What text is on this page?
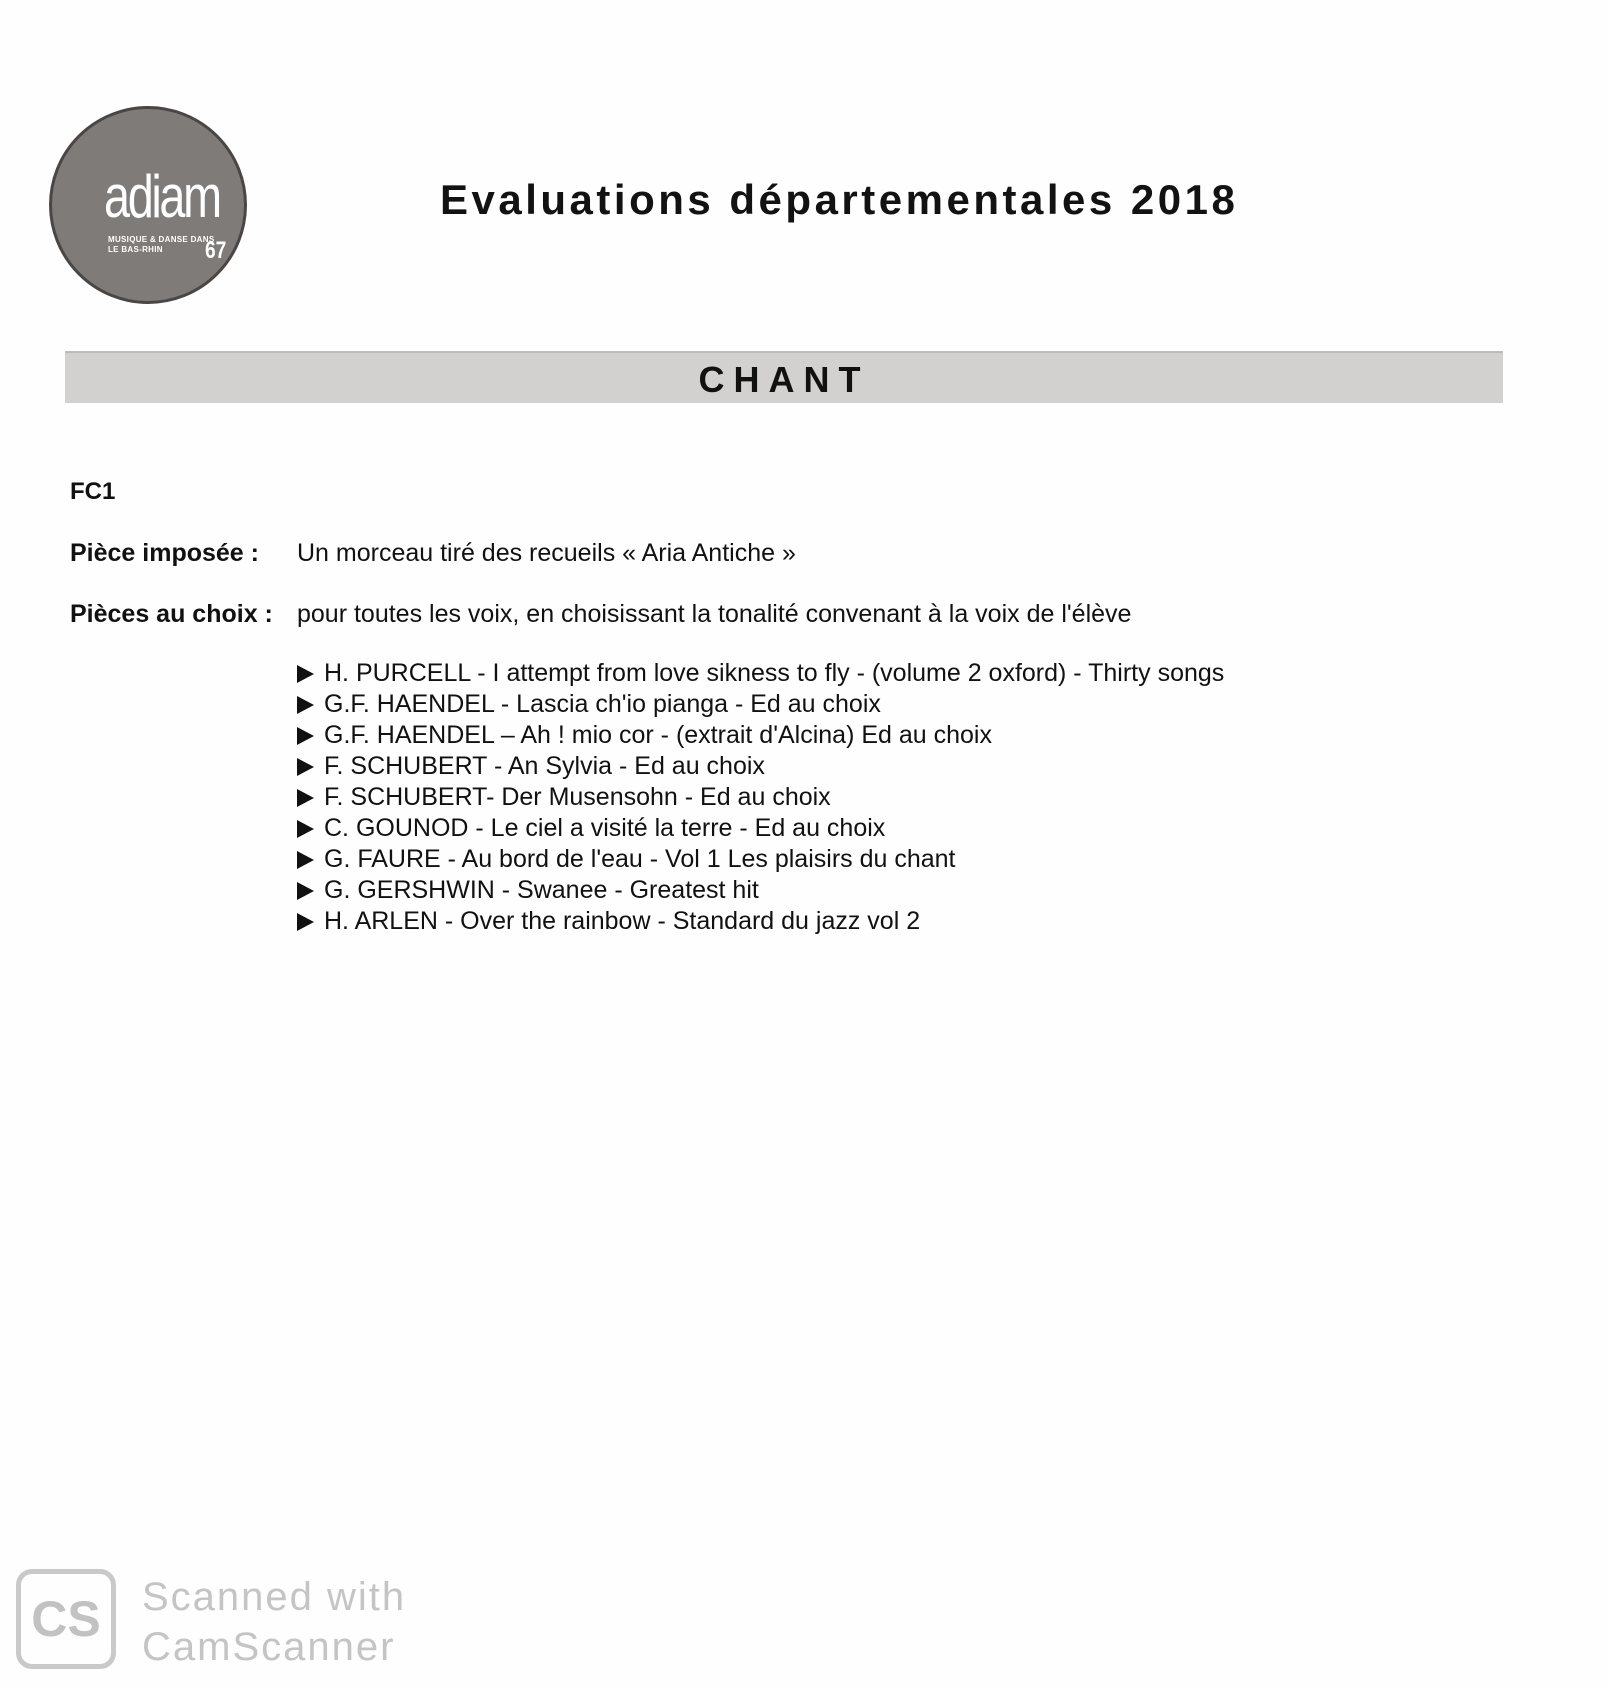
adiam
MUSIQUE & DANSE DANS LE BAS-RHIN	67
Evaluations départementales 2018
CHANT
FC1
Pièce imposée : Un morceau tiré des recueils « Aria Antiche »
Pièces au choix : pour toutes les voix, en choisissant la tonalité convenant à la voix de l'élève
H. PURCELL - I attempt from love sikness to fly - (volume 2 oxford) - Thirty songs
G.F. HAENDEL - Lascia ch'io pianga - Ed au choix
G.F. HAENDEL – Ah ! mio cor - (extrait d'Alcina) Ed au choix
F. SCHUBERT - An Sylvia - Ed au choix
F. SCHUBERT- Der Musensohn - Ed au choix
C. GOUNOD - Le ciel a visité la terre - Ed au choix
G. FAURE - Au bord de l'eau - Vol 1 Les plaisirs du chant
G. GERSHWIN - Swanee - Greatest hit
H. ARLEN - Over the rainbow - Standard du jazz vol 2
CS Scanned with
CamScanner
